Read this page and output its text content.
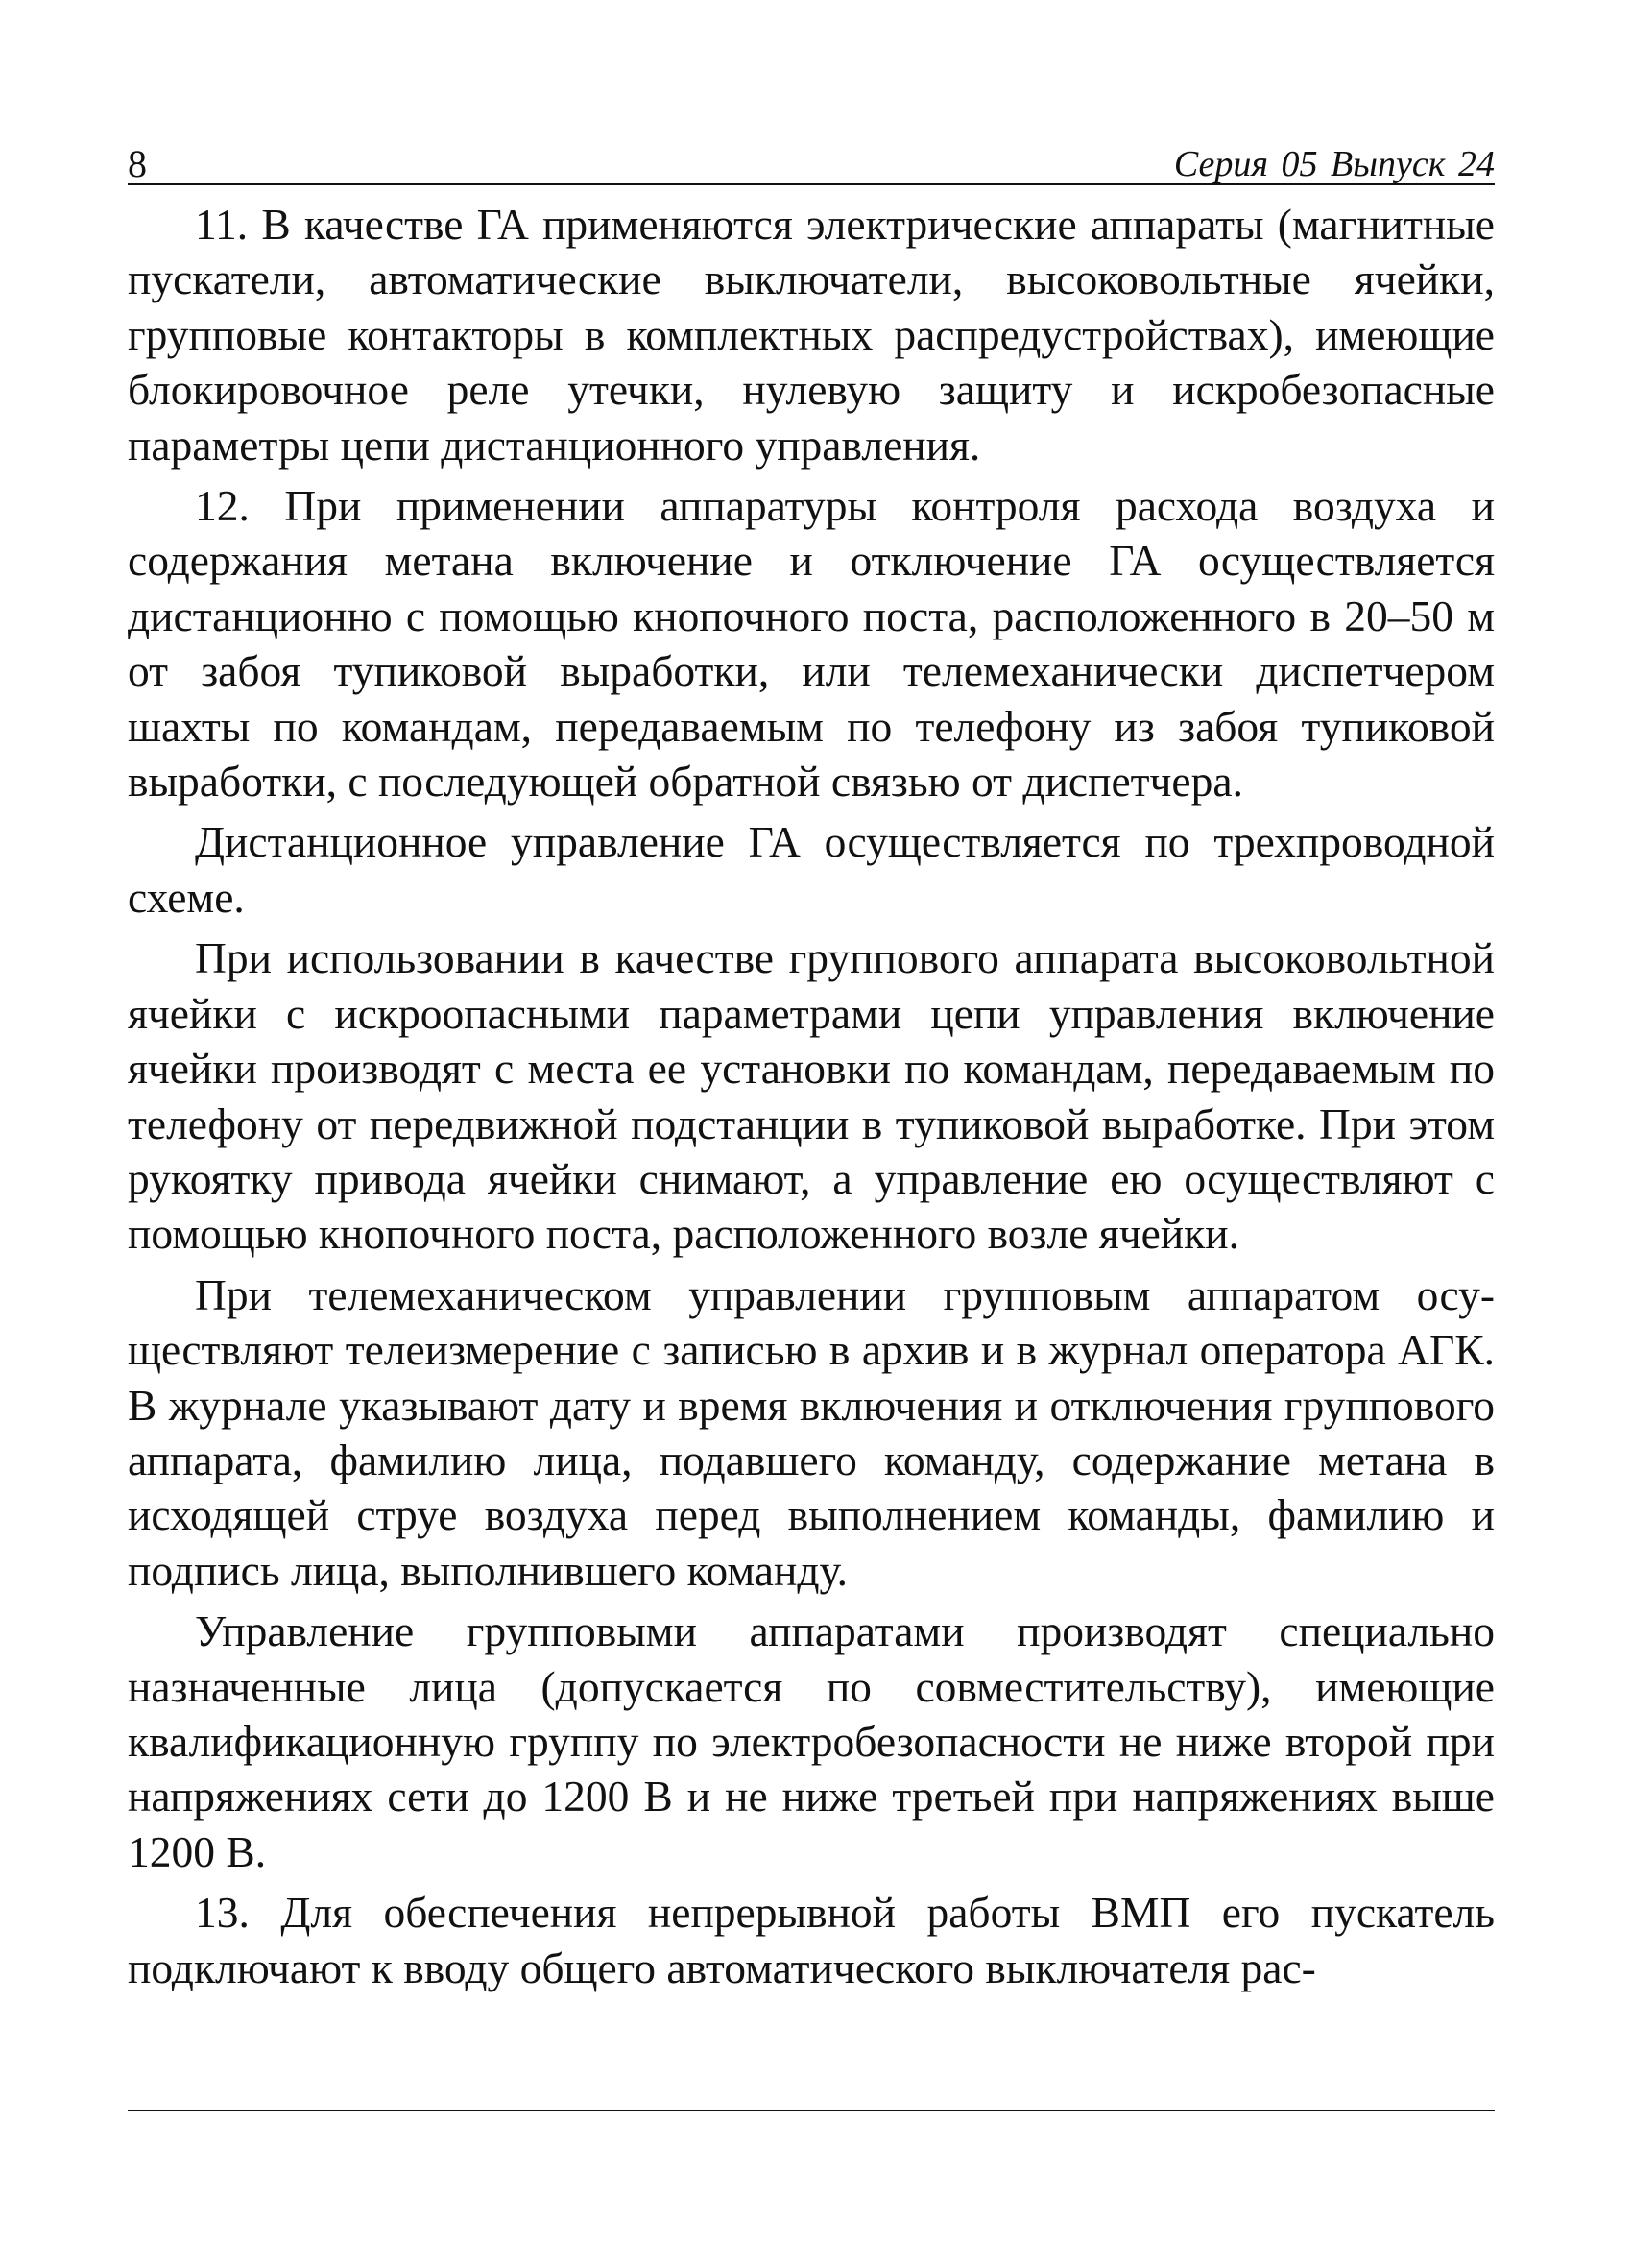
8	Серия 05 Выпуск 24

11. В качестве ГА применяются электрические аппараты (магнитные пускатели, автоматические выключатели, высоковольтные ячейки, групповые контакторы в комплектных распредустройствах), имеющие блокировочное реле утечки, нулевую защиту и искробезопасные параметры цепи дистанционного управления.

12. При применении аппаратуры контроля расхода воздуха и содержания метана включение и отключение ГА осуществляется дистанционно с помощью кнопочного поста, расположенного в 20–50 м от забоя тупиковой выработки, или телемеханически диспетчером шахты по командам, передаваемым по телефону из забоя тупиковой выработки, с последующей обратной связью от диспетчера.

Дистанционное управление ГА осуществляется по трехпроводной схеме.

При использовании в качестве группового аппарата высоковольтной ячейки с искроопасными параметрами цепи управления включение ячейки производят с места ее установки по командам, передаваемым по телефону от передвижной подстанции в тупиковой выработке. При этом рукоятку привода ячейки снимают, а управление ею осуществляют с помощью кнопочного поста, расположенного возле ячейки.

При телемеханическом управлении групповым аппаратом осуществляют телеизмерение с записью в архив и в журнал оператора АГК. В журнале указывают дату и время включения и отключения группового аппарата, фамилию лица, подавшего команду, содержание метана в исходящей струе воздуха перед выполнением команды, фамилию и подпись лица, выполнившего команду.

Управление групповыми аппаратами производят специально назначенные лица (допускается по совместительству), имеющие квалификационную группу по электробезопасности не ниже второй при напряжениях сети до 1200 В и не ниже третьей при напряжениях выше 1200 В.

13. Для обеспечения непрерывной работы ВМП его пускатель подключают к вводу общего автоматического выключателя рас-
